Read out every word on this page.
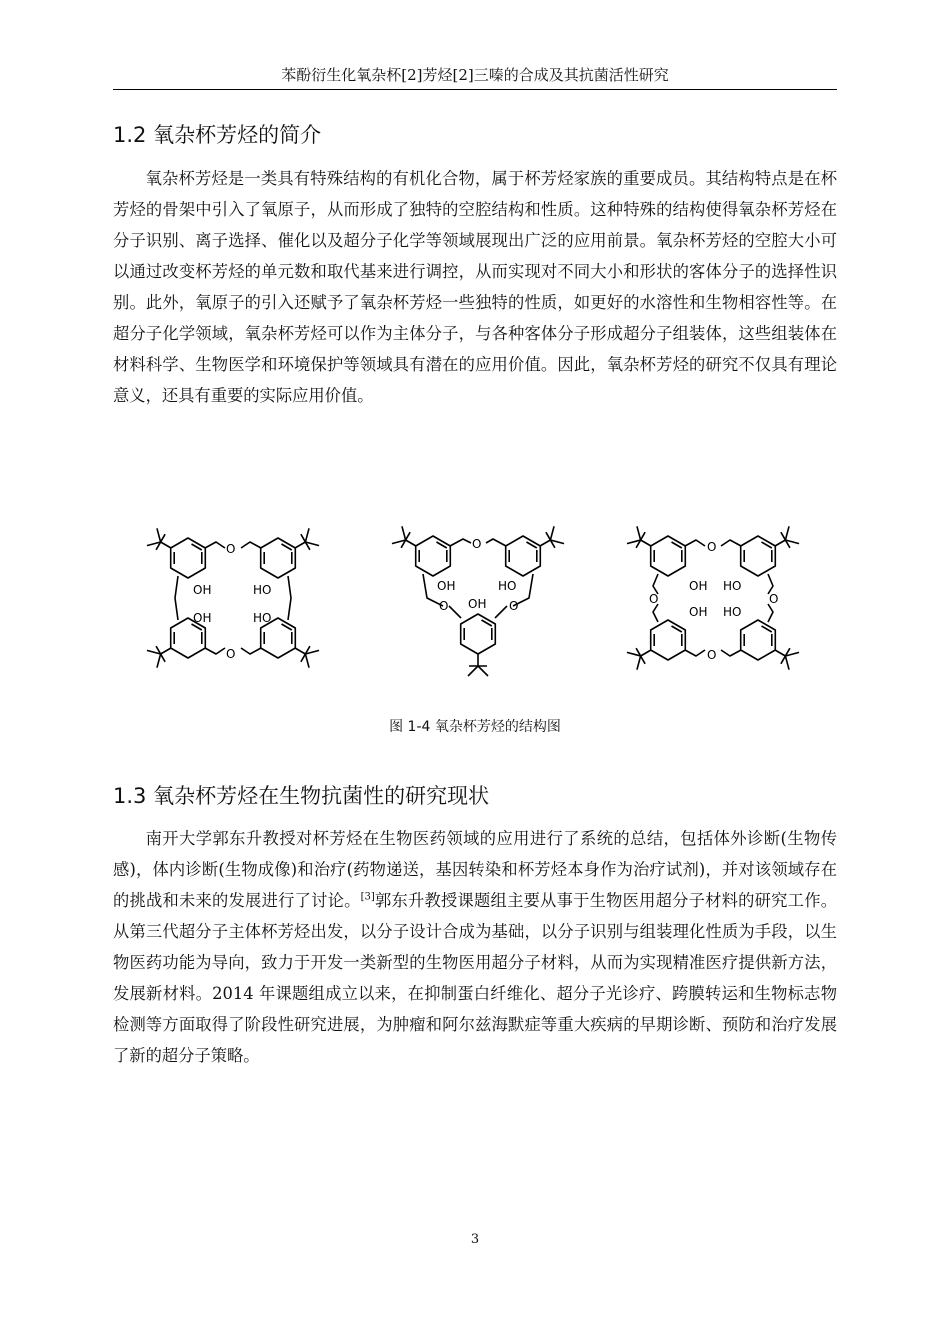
苯酚衍生化氧杂杯[2]芳烃[2]三嗪的合成及其抗菌活性研究
1.2 氧杂杯芳烃的简介

氧杂杯芳烃是一类具有特殊结构的有机化合物，属于杯芳烃家族的重要成员。其结构特点是在杯芳烃的骨架中引入了氧原子，从而形成了独特的空腔结构和性质。这种特殊的结构使得氧杂杯芳烃在分子识别、离子选择、催化以及超分子化学等领域展现出广泛的应用前景。氧杂杯芳烃的空腔大小可以通过改变杯芳烃的单元数和取代基来进行调控，从而实现对不同大小和形状的客体分子的选择性识别。此外，氧原子的引入还赋予了氧杂杯芳烃一些独特的性质，如更好的水溶性和生物相容性等。在超分子化学领域，氧杂杯芳烃可以作为主体分子，与各种客体分子形成超分子组装体，这些组装体在材料科学、生物医学和环境保护等领域具有潜在的应用价值。因此，氧杂杯芳烃的研究不仅具有理论意义，还具有重要的实际应用价值。

O
O
OH	HO
OH	HO
O
O	O
OH	HO
OH
O
O
O	O
OH HO
OH HO
图 1-4 氧杂杯芳烃的结构图
1.3 氧杂杯芳烃在生物抗菌性的研究现状

南开大学郭东升教授对杯芳烃在生物医药领域的应用进行了系统的总结，包括体外诊断(生物传感)，体内诊断(生物成像)和治疗(药物递送，基因转染和杯芳烃本身作为治疗试剂)，并对该领域存在的挑战和未来的发展进行了讨论。[3]郭东升教授课题组主要从事于生物医用超分子材料的研究工作。从第三代超分子主体杯芳烃出发，以分子设计合成为基础，以分子识别与组装理化性质为手段，以生物医药功能为导向，致力于开发一类新型的生物医用超分子材料，从而为实现精准医疗提供新方法，发展新材料。2014 年课题组成立以来，在抑制蛋白纤维化、超分子光诊疗、跨膜转运和生物标志物检测等方面取得了阶段性研究进展，为肿瘤和阿尔兹海默症等重大疾病的早期诊断、预防和治疗发展了新的超分子策略。

3
